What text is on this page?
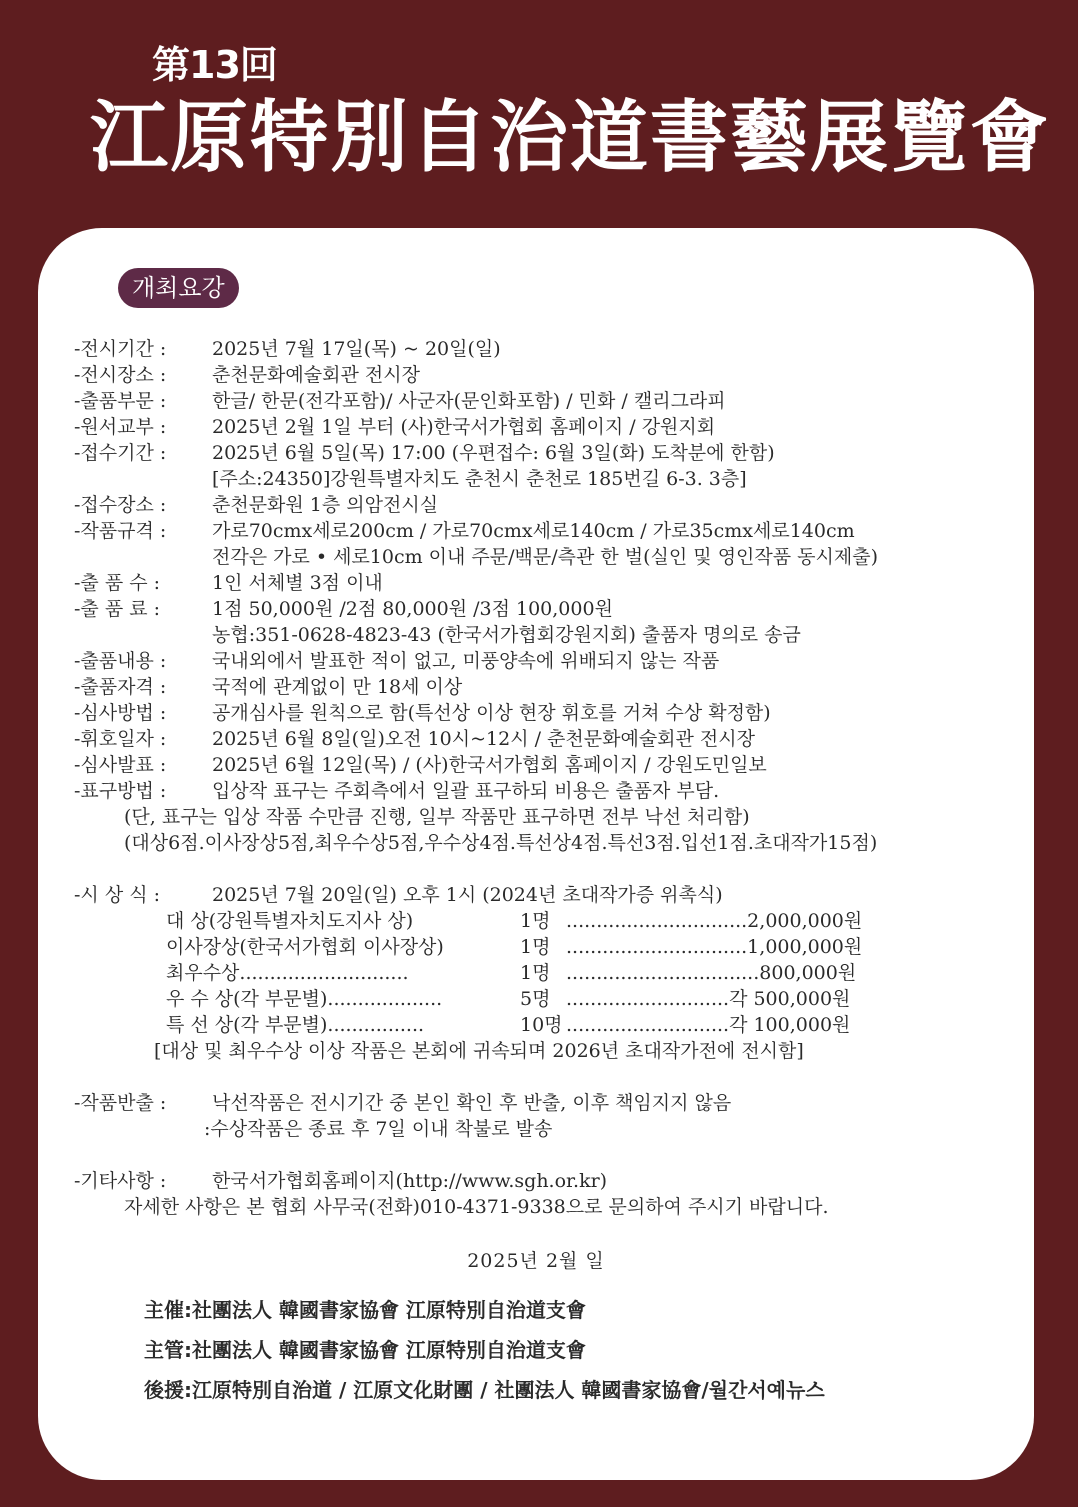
第13回
江原特別自治道書藝展覽會
개최요강
-전시기간 :	2025년 7월 17일(목) ~ 20일(일)
-전시장소 :	춘천문화예술회관 전시장
-출품부문 :	한글/ 한문(전각포함)/ 사군자(문인화포함) / 민화 / 캘리그라피
-원서교부 :	2025년 2월 1일 부터 (사)한국서가협회 홈페이지 / 강원지회
-접수기간 :	2025년 6월 5일(목) 17:00 (우편접수: 6월 3일(화) 도착분에 한함)
[주소:24350]강원특별자치도 춘천시 춘천로 185번길 6-3. 3층]
-접수장소 :	춘천문화원 1층 의암전시실
-작품규격 :	가로70cmx세로200cm / 가로70cmx세로140cm / 가로35cmx세로140cm
전각은 가로 • 세로10cm 이내 주문/백문/측관 한 벌(실인 및 영인작품 동시제출)
-출 품 수 :	1인 서체별 3점 이내
-출 품 료 :	1점 50,000원 /2점 80,000원 /3점 100,000원
농협:351-0628-4823-43 (한국서가협회강원지회) 출품자 명의로 송금
-출품내용 :	국내외에서 발표한 적이 없고, 미풍양속에 위배되지 않는 작품
-출품자격 :	국적에 관계없이 만 18세 이상
-심사방법 :	공개심사를 원칙으로 함(특선상 이상 현장 휘호를 거쳐 수상 확정함)
-휘호일자 :	2025년 6월 8일(일)오전 10시~12시 / 춘천문화예술회관 전시장
-심사발표 :	2025년 6월 12일(목) / (사)한국서가협회 홈페이지 / 강원도민일보
-표구방법 :	입상작 표구는 주회측에서 일괄 표구하되 비용은 출품자 부담.
(단, 표구는 입상 작품 수만큼 진행, 일부 작품만 표구하면 전부 낙선 처리함)
(대상6점.이사장상5점,최우수상5점,우수상4점.특선상4점.특선3점.입선1점.초대작가15점)
-시 상 식 :	2025년 7월 20일(일) 오후 1시 (2024년 초대작가증 위촉식)
대 상(강원특별자치도지사 상)	1명 ..............................2,000,000원
이사장상(한국서가협회 이사장상)	1명 ..............................1,000,000원
최우수상............................	1명 ................................800,000원
우 수 상(각 부문별)...................	5명 ...........................각 500,000원
특 선 상(각 부문별)................	10명 ...........................각 100,000원
[대상 및 최우수상 이상 작품은 본회에 귀속되며 2026년 초대작가전에 전시함]
-작품반출 :	낙선작품은 전시기간 중 본인 확인 후 반출, 이후 책임지지 않음
:수상작품은 종료 후 7일 이내 착불로 발송
-기타사항 :	한국서가협회홈페이지(http://www.sgh.or.kr)
자세한 사항은 본 협회 사무국(전화)010-4371-9338으로 문의하여 주시기 바랍니다.
2025년 2월 일
主催:社團法人 韓國書家協會 江原特別自治道支會
主管:社團法人 韓國書家協會 江原特別自治道支會
後援:江原特別自治道 / 江原文化財團 / 社團法人 韓國書家協會/월간서예뉴스
